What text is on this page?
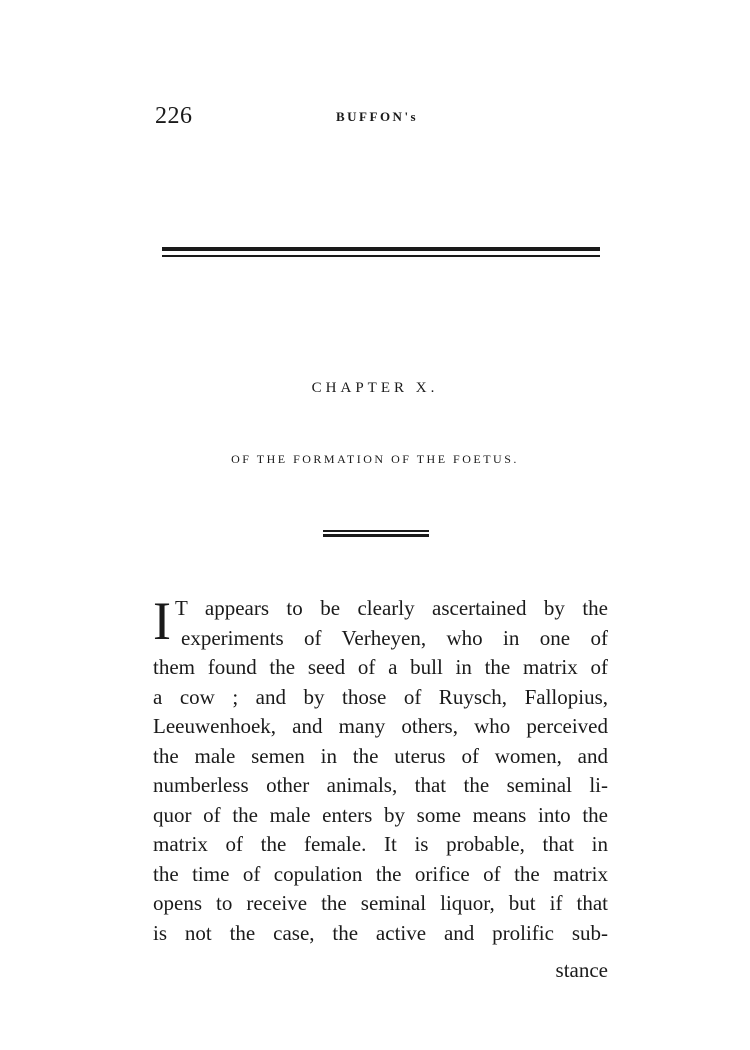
226	BUFFON's
CHAPTER X.
OF THE FORMATION OF THE FOETUS.
I T appears to be clearly ascertained by the
experiments of Verheyen, who in one of
them found the seed of a bull in the matrix of
a cow ; and by those of Ruysch, Fallopius,
Leeuwenhoek, and many others, who perceived
the male semen in the uterus of women, and
numberless other animals, that the seminal li-
quor of the male enters by some means into the
matrix of the female. It is probable, that in
the time of copulation the orifice of the matrix
opens to receive the seminal liquor, but if that
is not the case, the active and prolific sub-
stance
